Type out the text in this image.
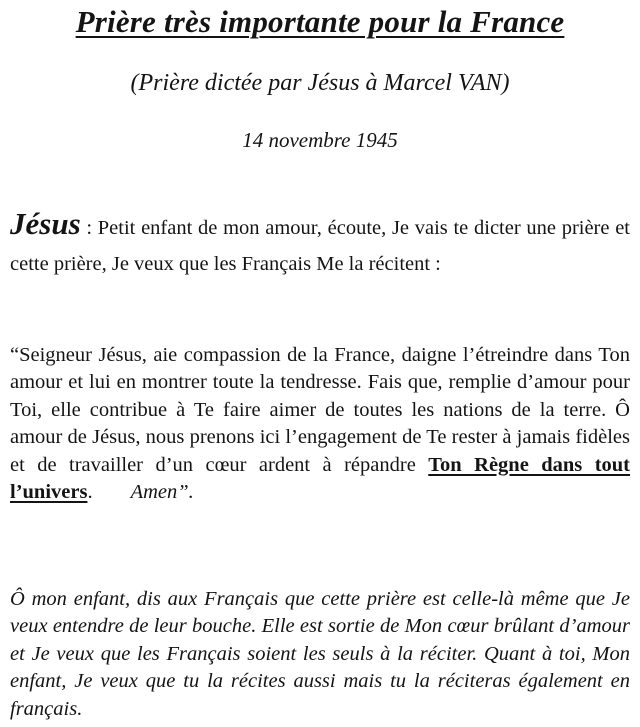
Prière très importante pour la France
(Prière dictée par Jésus à Marcel VAN)
14 novembre 1945

Jésus : Petit enfant de mon amour, écoute, Je vais te dicter une prière et cette prière, Je veux que les Français Me la récitent :

“Seigneur Jésus, aie compassion de la France, daigne l’étreindre dans Ton amour et lui en montrer toute la tendresse. Fais que, remplie d’amour pour Toi, elle contribue à Te faire aimer de toutes les nations de la terre. Ô amour de Jésus, nous prenons ici l’engagement de Te rester à jamais fidèles et de travailler d’un cœur ardent à répandre Ton Règne dans tout l’univers. Amen”.

Ô mon enfant, dis aux Français que cette prière est celle-là même que Je veux entendre de leur bouche. Elle est sortie de Mon cœur brûlant d’amour et Je veux que les Français soient les seuls à la réciter. Quant à toi, Mon enfant, Je veux que tu la récites aussi mais tu la réciteras également en français.
